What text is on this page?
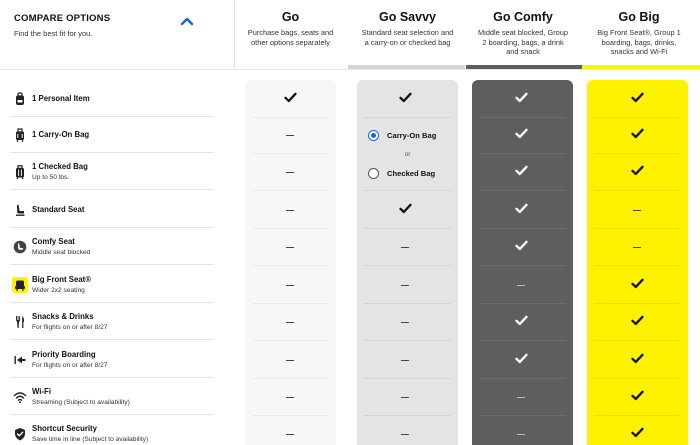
COMPARE OPTIONS
Find the best fit for you.
Go
Purchase bags, seats and
other options separately
Go Savvy
Standard seat selection and
a carry-on or checked bag
Go Comfy
Middle seat blocked, Group
2 boarding, bags, a drink
and snack
Go Big
Big Front Seat®, Group 1
boarding, bags, drinks,
snacks and Wi-Fi
1 Personal Item
1 Carry-On Bag
1 Checked Bag
Up to 50 lbs.
Standard Seat
Comfy Seat
Middle seat blocked
Big Front Seat®
Wider 2x2 seating
Snacks & Drinks
For flights on or after 8/27
Priority Boarding
For flights on or after 8/27
Wi-Fi
Streaming (Subject to availability)
Shortcut Security
Save time in line (Subject to availability)
Carry-On Bag
or
Checked Bag
